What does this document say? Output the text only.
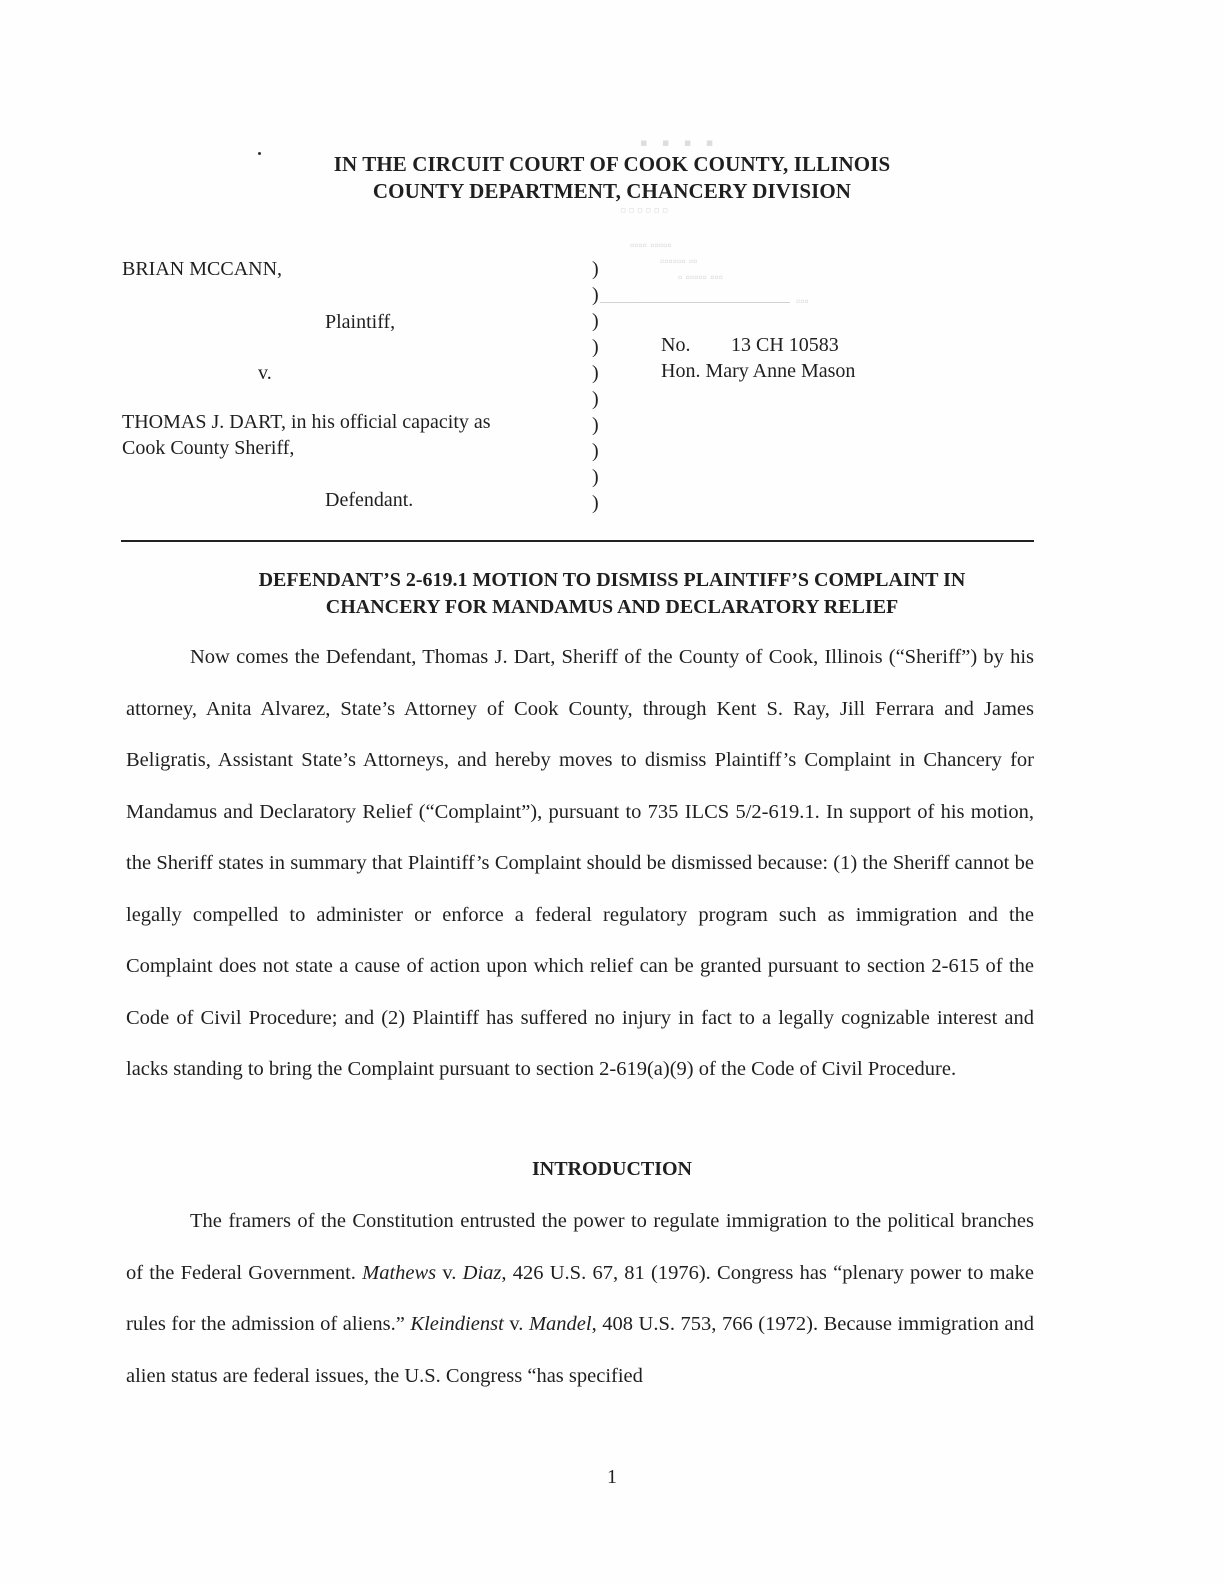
▪ ▪ ▪ ▪
▫▫▫▫▫▫
▫▫▫▫ ▫▫▫▫▫
▫▫▫▫▫▫ ▫▫
▫ ▫▫▫▫▫ ▫▫▫
▫▫▫
IN THE CIRCUIT COURT OF COOK COUNTY, ILLINOIS
COUNTY DEPARTMENT, CHANCERY DIVISION
BRIAN MCCANN,
Plaintiff,
v.
THOMAS J. DART, in his official capacity as
Cook County Sheriff,
Defendant.
)
)
)
)
)
)
)
)
)
)
No. 13 CH 10583
Hon. Mary Anne Mason
DEFENDANT’S 2-619.1 MOTION TO DISMISS PLAINTIFF’S COMPLAINT IN
CHANCERY FOR MANDAMUS AND DECLARATORY RELIEF

Now comes the Defendant, Thomas J. Dart, Sheriff of the County of Cook, Illinois (“Sheriff”) by his attorney, Anita Alvarez, State’s Attorney of Cook County, through Kent S. Ray, Jill Ferrara and James Beligratis, Assistant State’s Attorneys, and hereby moves to dismiss Plaintiff’s Complaint in Chancery for Mandamus and Declaratory Relief (“Complaint”), pursuant to 735 ILCS 5/2-619.1. In support of his motion, the Sheriff states in summary that Plaintiff’s Complaint should be dismissed because: (1) the Sheriff cannot be legally compelled to administer or enforce a federal regulatory program such as immigration and the Complaint does not state a cause of action upon which relief can be granted pursuant to section 2-615 of the Code of Civil Procedure; and (2) Plaintiff has suffered no injury in fact to a legally cognizable interest and lacks standing to bring the Complaint pursuant to section 2-619(a)(9) of the Code of Civil Procedure.

INTRODUCTION

The framers of the Constitution entrusted the power to regulate immigration to the political branches of the Federal Government. Mathews v. Diaz, 426 U.S. 67, 81 (1976). Congress has “plenary power to make rules for the admission of aliens.” Kleindienst v. Mandel, 408 U.S. 753, 766 (1972). Because immigration and alien status are federal issues, the U.S. Congress “has specified

1
